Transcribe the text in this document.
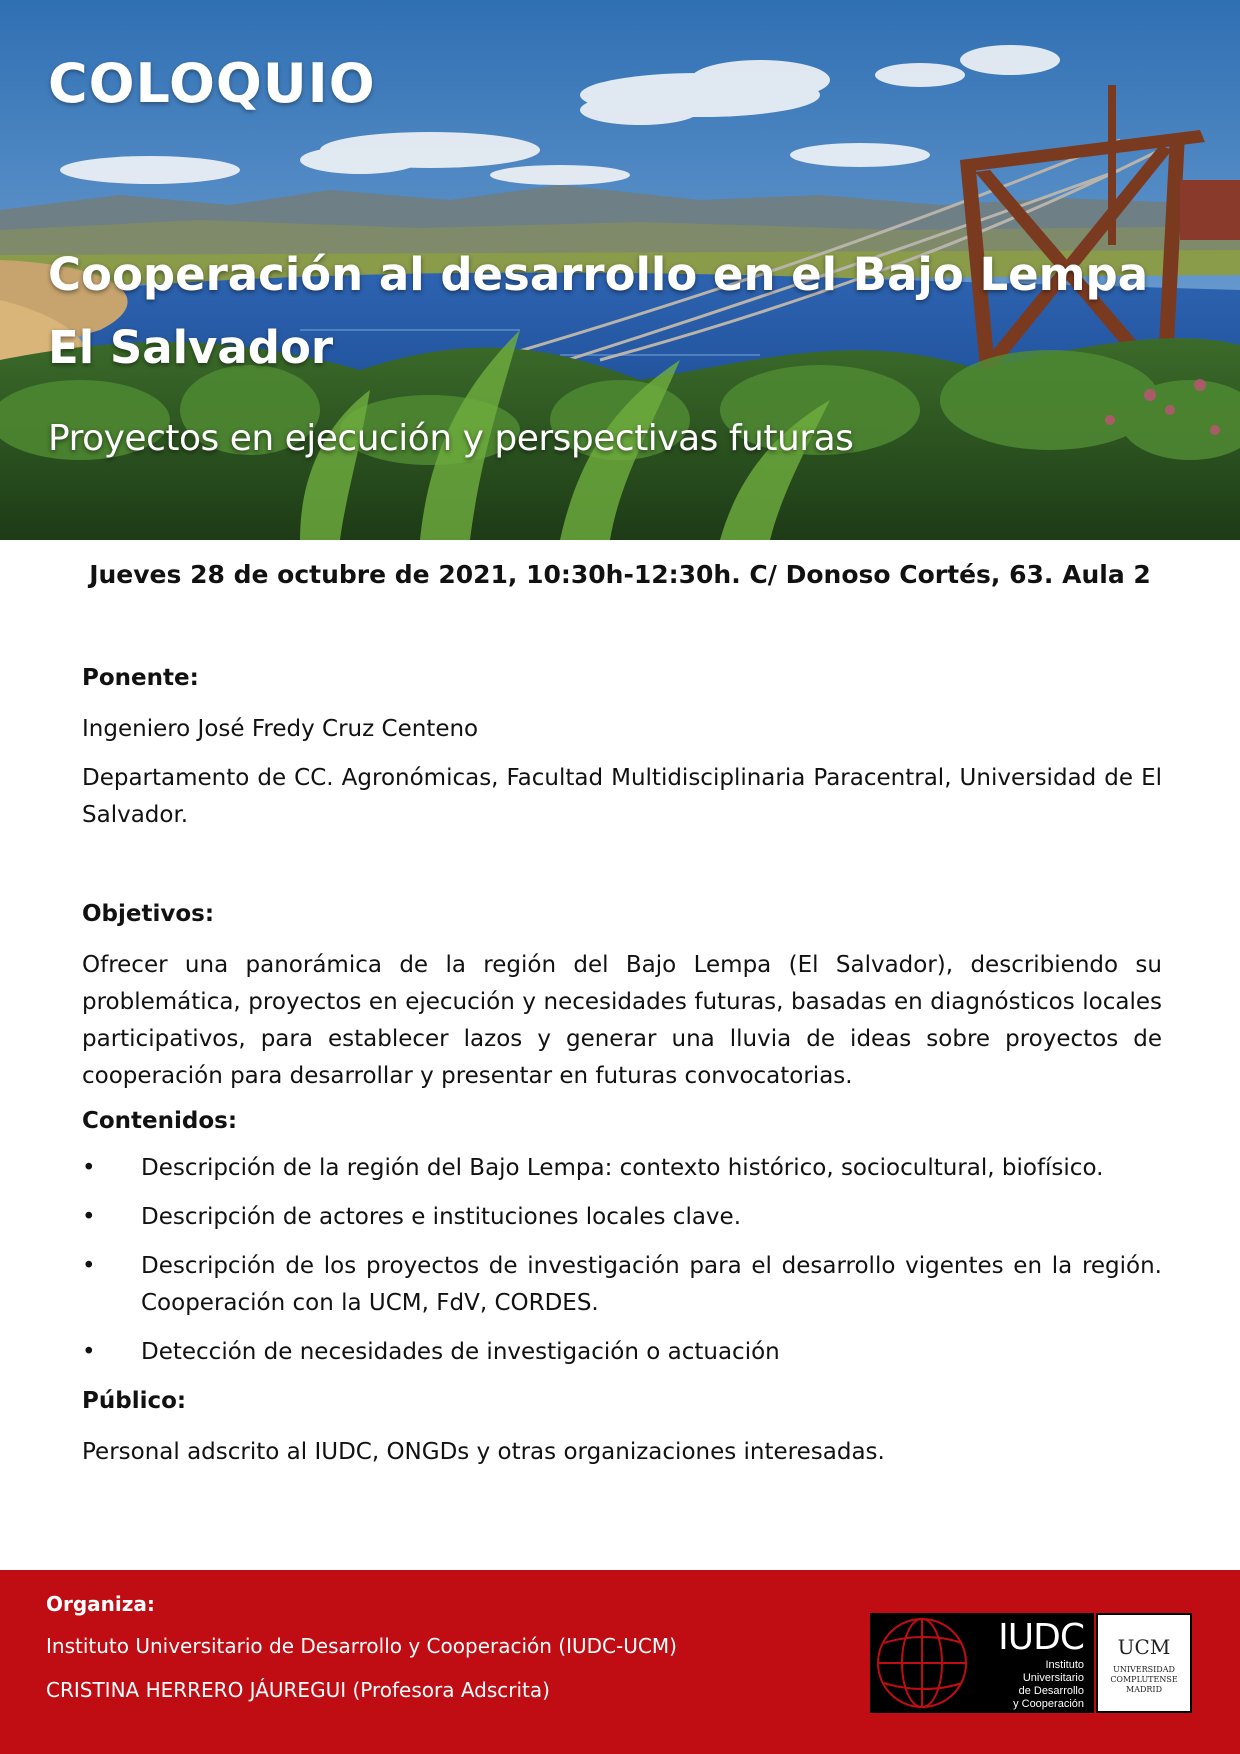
COLOQUIO
Cooperación al desarrollo en el Bajo Lempa
El Salvador
Proyectos en ejecución y perspectivas futuras
Jueves 28 de octubre de 2021, 10:30h-12:30h. C/ Donoso Cortés, 63. Aula 2
Ponente:

Ingeniero José Fredy Cruz Centeno

Departamento de CC. Agronómicas, Facultad Multidisciplinaria Paracentral, Universidad de El Salvador.

Objetivos:

Ofrecer una panorámica de la región del Bajo Lempa (El Salvador), describiendo su problemática, proyectos en ejecución y necesidades futuras, basadas en diagnósticos locales participativos, para establecer lazos y generar una lluvia de ideas sobre proyectos de cooperación para desarrollar y presentar en futuras convocatorias.

Contenidos:
• Descripción de la región del Bajo Lempa: contexto histórico, sociocultural, biofísico.
• Descripción de actores e instituciones locales clave.
• Descripción de los proyectos de investigación para el desarrollo vigentes en la región. Cooperación con la UCM, FdV, CORDES.
• Detección de necesidades de investigación o actuación
Público:

Personal adscrito al IUDC, ONGDs y otras organizaciones interesadas.

Organiza:
Instituto Universitario de Desarrollo y Cooperación (IUDC-UCM)
CRISTINA HERRERO JÁUREGUI (Profesora Adscrita)
IUDC
Instituto
Universitario
de Desarrollo
y Cooperación
UCM
UNIVERSIDAD
COMPLUTENSE
MADRID
